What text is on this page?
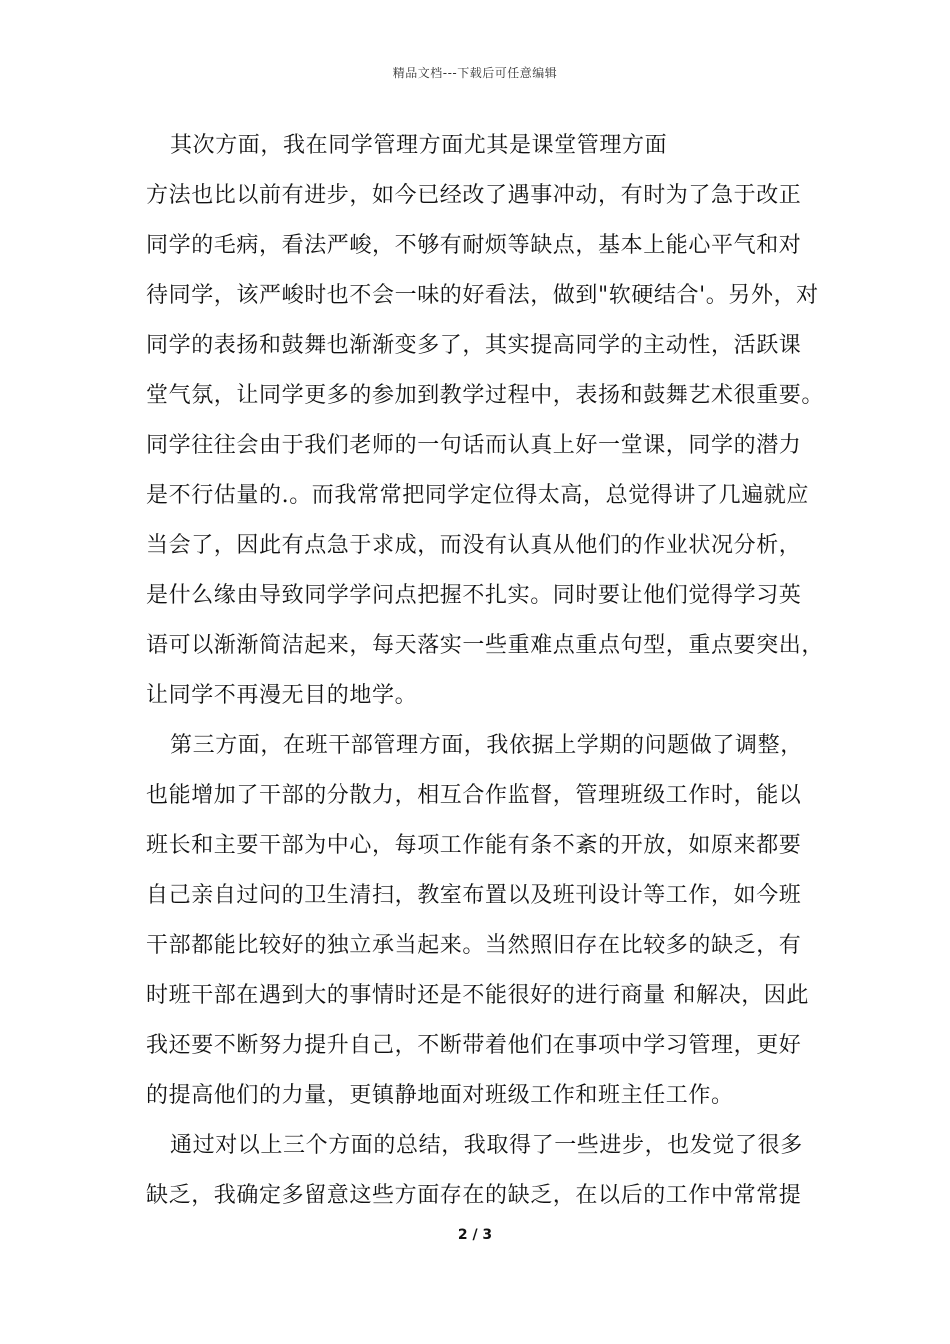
精品文档---下载后可任意编辑
其次方面，我在同学管理方面尤其是课堂管理方面
方法也比以前有进步，如今已经改了遇事冲动，有时为了急于改正
同学的毛病，看法严峻，不够有耐烦等缺点，基本上能心平气和对
待同学，该严峻时也不会一味的好看法，做到"软硬结合'。另外，对
同学的表扬和鼓舞也渐渐变多了，其实提高同学的主动性，活跃课
堂气氛，让同学更多的参加到教学过程中，表扬和鼓舞艺术很重要。
同学往往会由于我们老师的一句话而认真上好一堂课，同学的潜力
是不行估量的.。而我常常把同学定位得太高，总觉得讲了几遍就应
当会了，因此有点急于求成，而没有认真从他们的作业状况分析，
是什么缘由导致同学学问点把握不扎实。同时要让他们觉得学习英
语可以渐渐简洁起来，每天落实一些重难点重点句型，重点要突出，
让同学不再漫无目的地学。
第三方面，在班干部管理方面，我依据上学期的问题做了调整，
也能增加了干部的分散力，相互合作监督，管理班级工作时，能以
班长和主要干部为中心，每项工作能有条不紊的开放，如原来都要
自己亲自过问的卫生清扫，教室布置以及班刊设计等工作，如今班
干部都能比较好的独立承当起来。当然照旧存在比较多的缺乏，有
时班干部在遇到大的事情时还是不能很好的进行商量 和解决，因此
我还要不断努力提升自己，不断带着他们在事项中学习管理，更好
的提高他们的力量，更镇静地面对班级工作和班主任工作。
通过对以上三个方面的总结，我取得了一些进步，也发觉了很多
缺乏，我确定多留意这些方面存在的缺乏，在以后的工作中常常提
2 / 3
